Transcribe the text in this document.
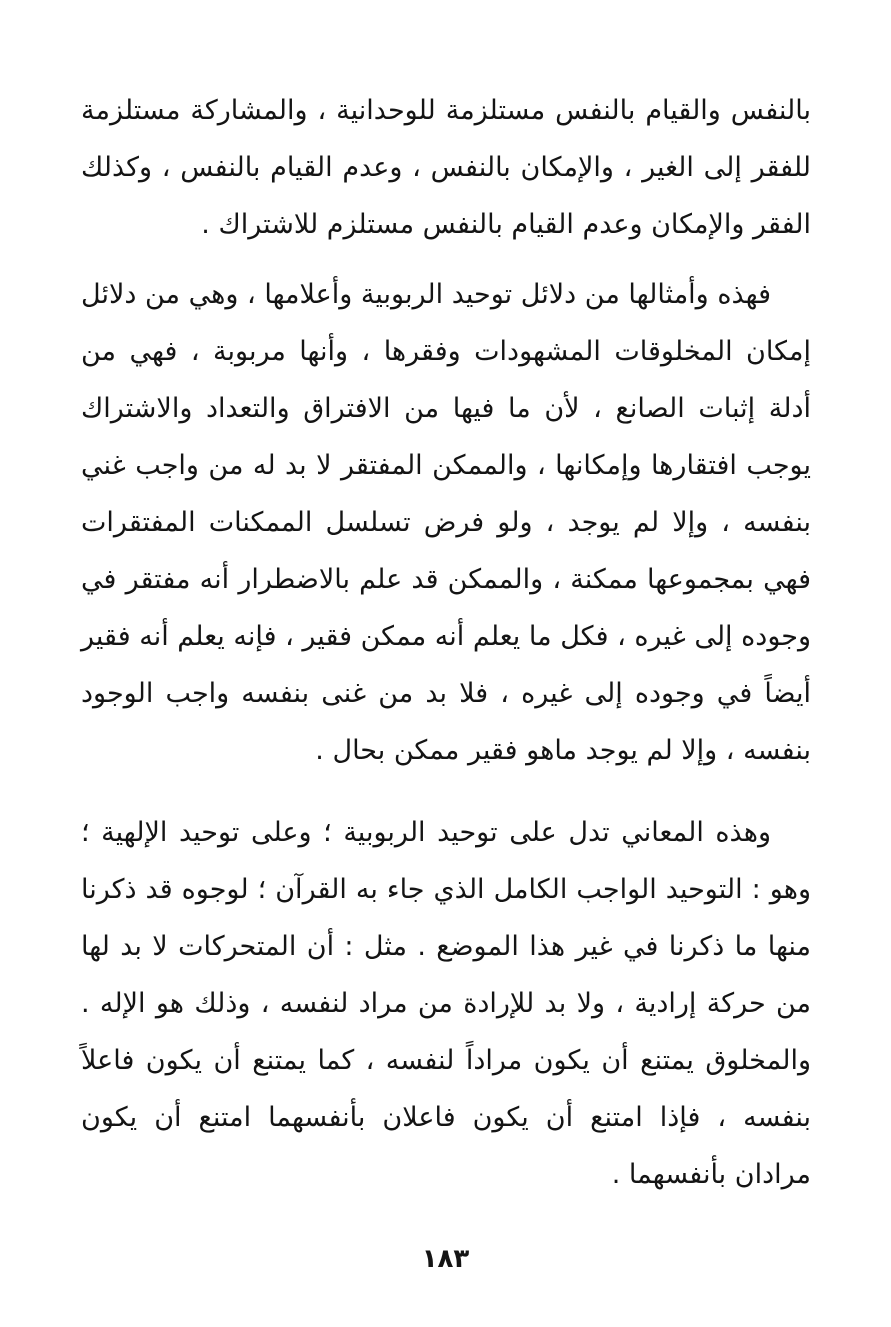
بالنفس والقيام بالنفس مستلزمة للوحدانية ، والمشاركة مستلزمة للفقر إلى الغير ، والإمكان بالنفس ، وعدم القيام بالنفس ، وكذلك الفقر والإمكان وعدم القيام بالنفس مستلزم للاشتراك .

فهذه وأمثالها من دلائل توحيد الربوبية وأعلامها ، وهي من دلائل إمكان المخلوقات المشهودات وفقرها ، وأنها مربوبة ، فهي من أدلة إثبات الصانع ، لأن ما فيها من الافتراق والتعداد والاشتراك يوجب افتقارها وإمكانها ، والممكن المفتقر لا بد له من واجب غني بنفسه ، وإلا لم يوجد ، ولو فرض تسلسل الممكنات المفتقرات فهي بمجموعها ممكنة ، والممكن قد علم بالاضطرار أنه مفتقر في وجوده إلى غيره ، فكل ما يعلم أنه ممكن فقير ، فإنه يعلم أنه فقير أيضاً في وجوده إلى غيره ، فلا بد من غنى بنفسه واجب الوجود بنفسه ، وإلا لم يوجد ماهو فقير ممكن بحال .

وهذه المعاني تدل على توحيد الربوبية ؛ وعلى توحيد الإلهية ؛ وهو : التوحيد الواجب الكامل الذي جاء به القرآن ؛ لوجوه قد ذكرنا منها ما ذكرنا في غير هذا الموضع . مثل : أن المتحركات لا بد لها من حركة إرادية ، ولا بد للإرادة من مراد لنفسه ، وذلك هو الإله . والمخلوق يمتنع أن يكون مراداً لنفسه ، كما يمتنع أن يكون فاعلاً بنفسه ، فإذا امتنع أن يكون فاعلان بأنفسهما امتنع أن يكون مرادان بأنفسهما .

١٨٣
